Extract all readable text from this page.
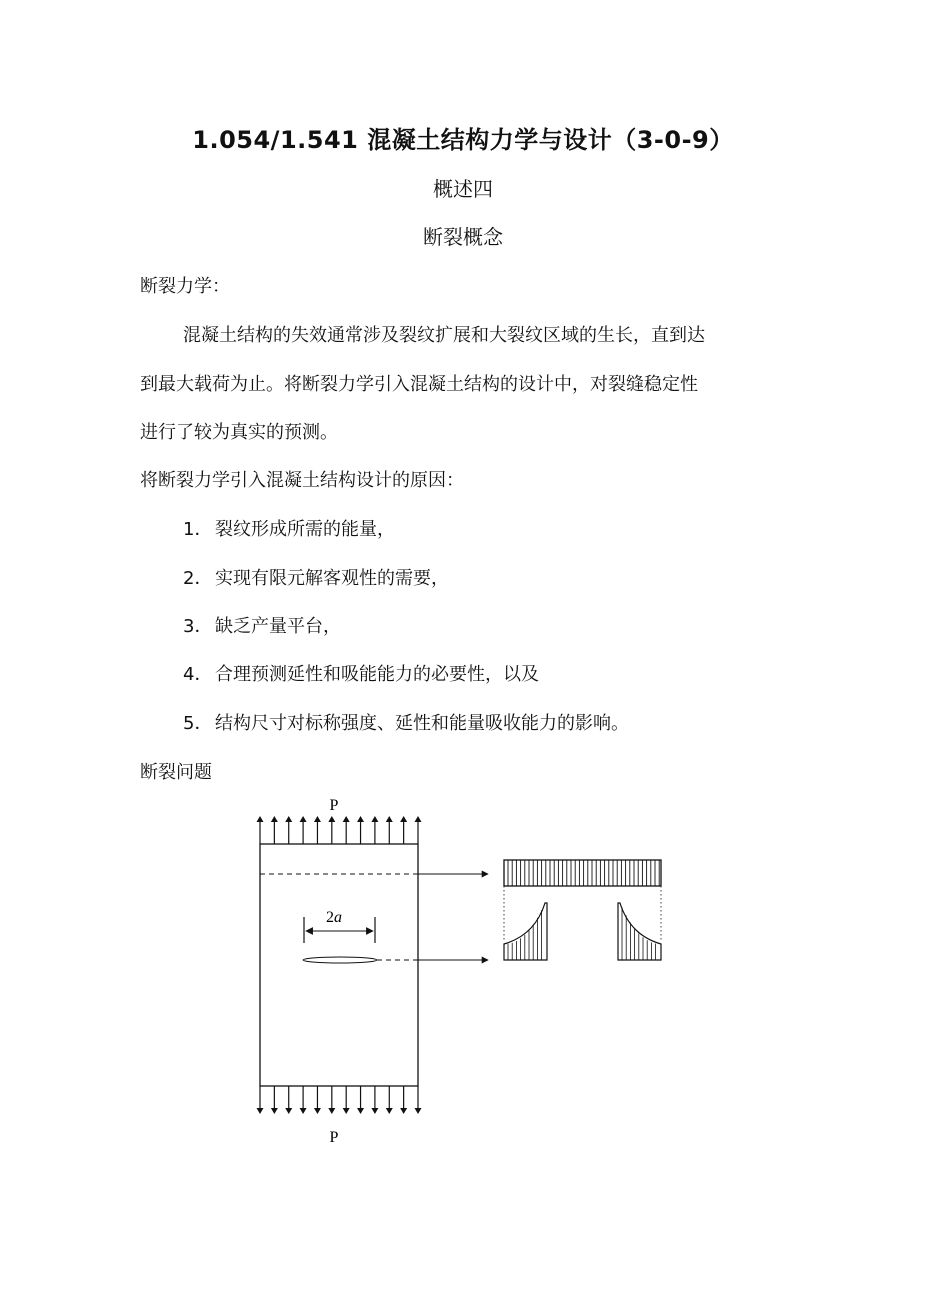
1.054/1.541 混凝土结构力学与设计（3-0-9）
概述四
断裂概念
断裂力学：
混凝土结构的失效通常涉及裂纹扩展和大裂纹区域的生长，直到达
到最大载荷为止。将断裂力学引入混凝土结构的设计中，对裂缝稳定性
进行了较为真实的预测。
将断裂力学引入混凝土结构设计的原因：
1． 裂纹形成所需的能量，
2． 实现有限元解客观性的需要，
3． 缺乏产量平台，
4． 合理预测延性和吸能能力的必要性，以及
5． 结构尺寸对标称强度、延性和能量吸收能力的影响。
断裂问题
P
2a
P
